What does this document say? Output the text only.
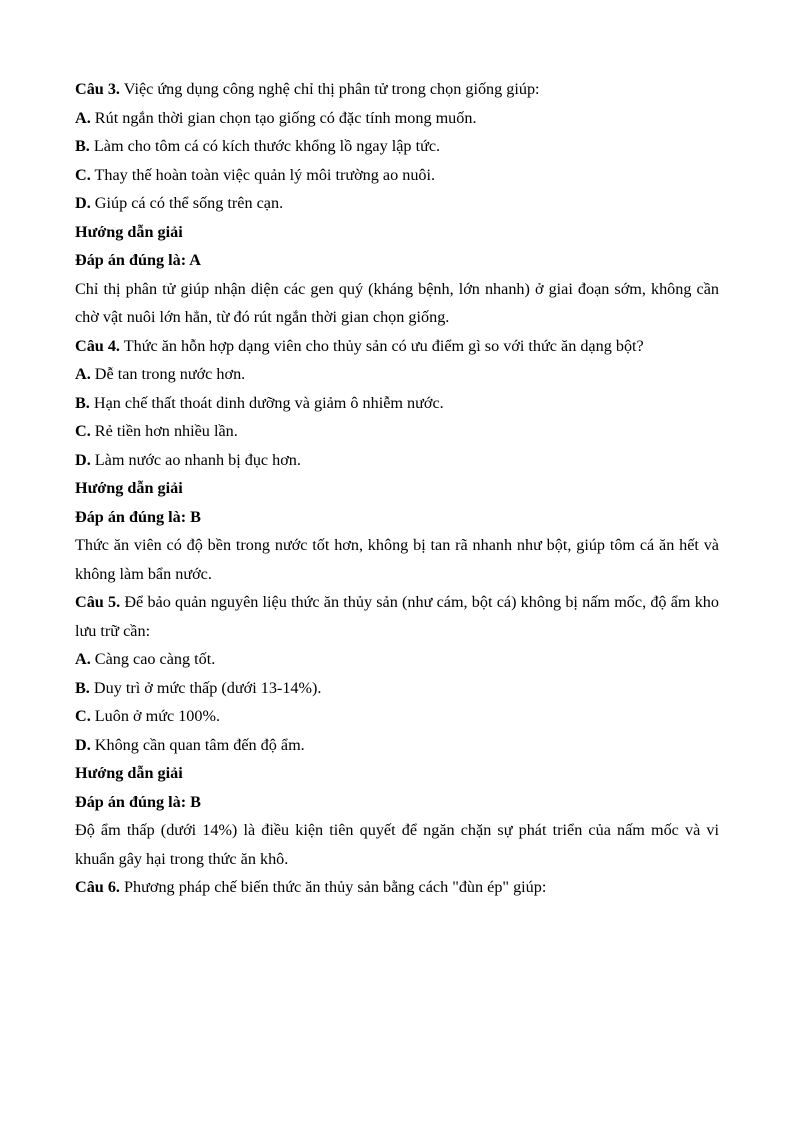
Câu 3. Việc ứng dụng công nghệ chỉ thị phân tử trong chọn giống giúp:

A. Rút ngắn thời gian chọn tạo giống có đặc tính mong muốn.

B. Làm cho tôm cá có kích thước khổng lồ ngay lập tức.

C. Thay thế hoàn toàn việc quản lý môi trường ao nuôi.

D. Giúp cá có thể sống trên cạn.

Hướng dẫn giải

Đáp án đúng là: A

Chỉ thị phân tử giúp nhận diện các gen quý (kháng bệnh, lớn nhanh) ở giai đoạn sớm, không cần chờ vật nuôi lớn hẳn, từ đó rút ngắn thời gian chọn giống.

Câu 4. Thức ăn hỗn hợp dạng viên cho thủy sản có ưu điểm gì so với thức ăn dạng bột?

A. Dễ tan trong nước hơn.

B. Hạn chế thất thoát dinh dưỡng và giảm ô nhiễm nước.

C. Rẻ tiền hơn nhiều lần.

D. Làm nước ao nhanh bị đục hơn.

Hướng dẫn giải

Đáp án đúng là: B

Thức ăn viên có độ bền trong nước tốt hơn, không bị tan rã nhanh như bột, giúp tôm cá ăn hết và không làm bẩn nước.

Câu 5. Để bảo quản nguyên liệu thức ăn thủy sản (như cám, bột cá) không bị nấm mốc, độ ẩm kho lưu trữ cần:

A. Càng cao càng tốt.

B. Duy trì ở mức thấp (dưới 13-14%).

C. Luôn ở mức 100%.

D. Không cần quan tâm đến độ ẩm.

Hướng dẫn giải

Đáp án đúng là: B

Độ ẩm thấp (dưới 14%) là điều kiện tiên quyết để ngăn chặn sự phát triển của nấm mốc và vi khuẩn gây hại trong thức ăn khô.

Câu 6. Phương pháp chế biến thức ăn thủy sản bằng cách "đùn ép" giúp:
